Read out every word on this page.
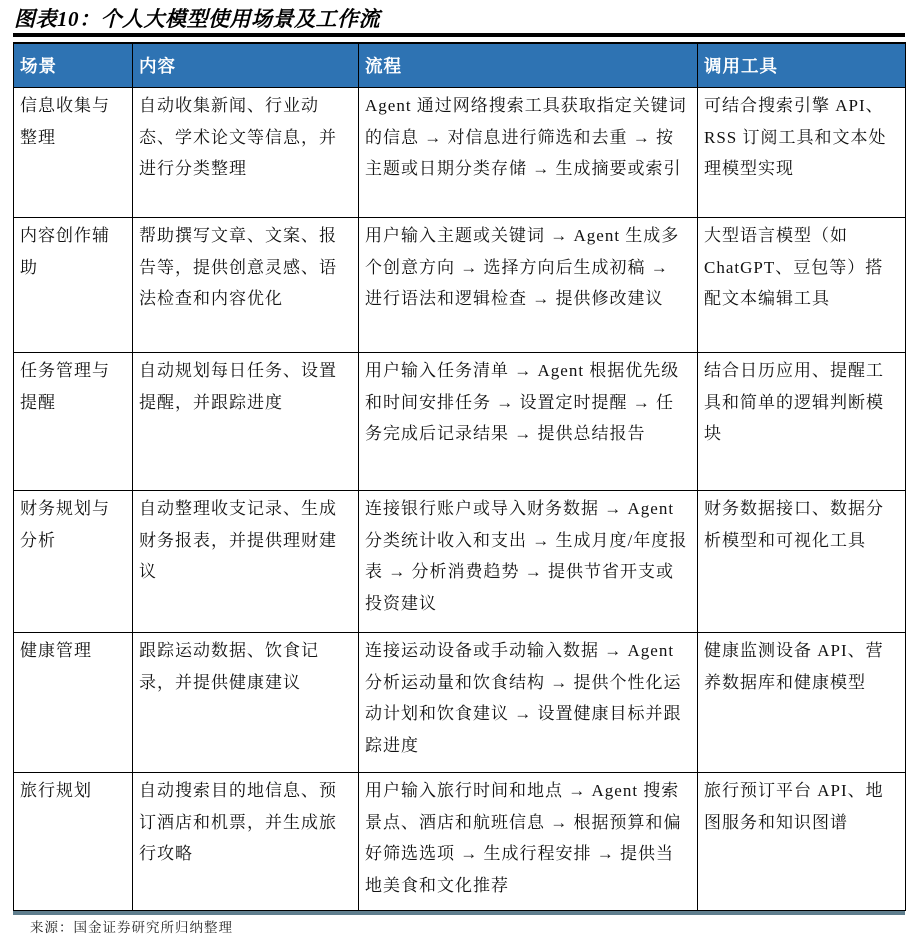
图表10：个人大模型使用场景及工作流
场景	内容	流程	调用工具
信息收集与整理	自动收集新闻、行业动态、学术论文等信息，并进行分类整理	Agent 通过网络搜索工具获取指定关键词的信息 → 对信息进行筛选和去重 → 按主题或日期分类存储 → 生成摘要或索引	可结合搜索引擎 API、RSS 订阅工具和文本处理模型实现
内容创作辅助	帮助撰写文章、文案、报告等，提供创意灵感、语法检查和内容优化	用户输入主题或关键词 → Agent 生成多个创意方向 → 选择方向后生成初稿 → 进行语法和逻辑检查 → 提供修改建议	大型语言模型（如 ChatGPT、豆包等）搭配文本编辑工具
任务管理与提醒	自动规划每日任务、设置提醒，并跟踪进度	用户输入任务清单 → Agent 根据优先级和时间安排任务 → 设置定时提醒 → 任务完成后记录结果 → 提供总结报告	结合日历应用、提醒工具和简单的逻辑判断模块
财务规划与分析	自动整理收支记录、生成财务报表，并提供理财建议	连接银行账户或导入财务数据 → Agent 分类统计收入和支出 → 生成月度/年度报表 → 分析消费趋势 → 提供节省开支或投资建议	财务数据接口、数据分析模型和可视化工具
健康管理	跟踪运动数据、饮食记录，并提供健康建议	连接运动设备或手动输入数据 → Agent 分析运动量和饮食结构 → 提供个性化运动计划和饮食建议 → 设置健康目标并跟踪进度	健康监测设备 API、营养数据库和健康模型
旅行规划	自动搜索目的地信息、预订酒店和机票，并生成旅行攻略	用户输入旅行时间和地点 → Agent 搜索景点、酒店和航班信息 → 根据预算和偏好筛选选项 → 生成行程安排 → 提供当地美食和文化推荐	旅行预订平台 API、地图服务和知识图谱
来源：国金证券研究所归纳整理
